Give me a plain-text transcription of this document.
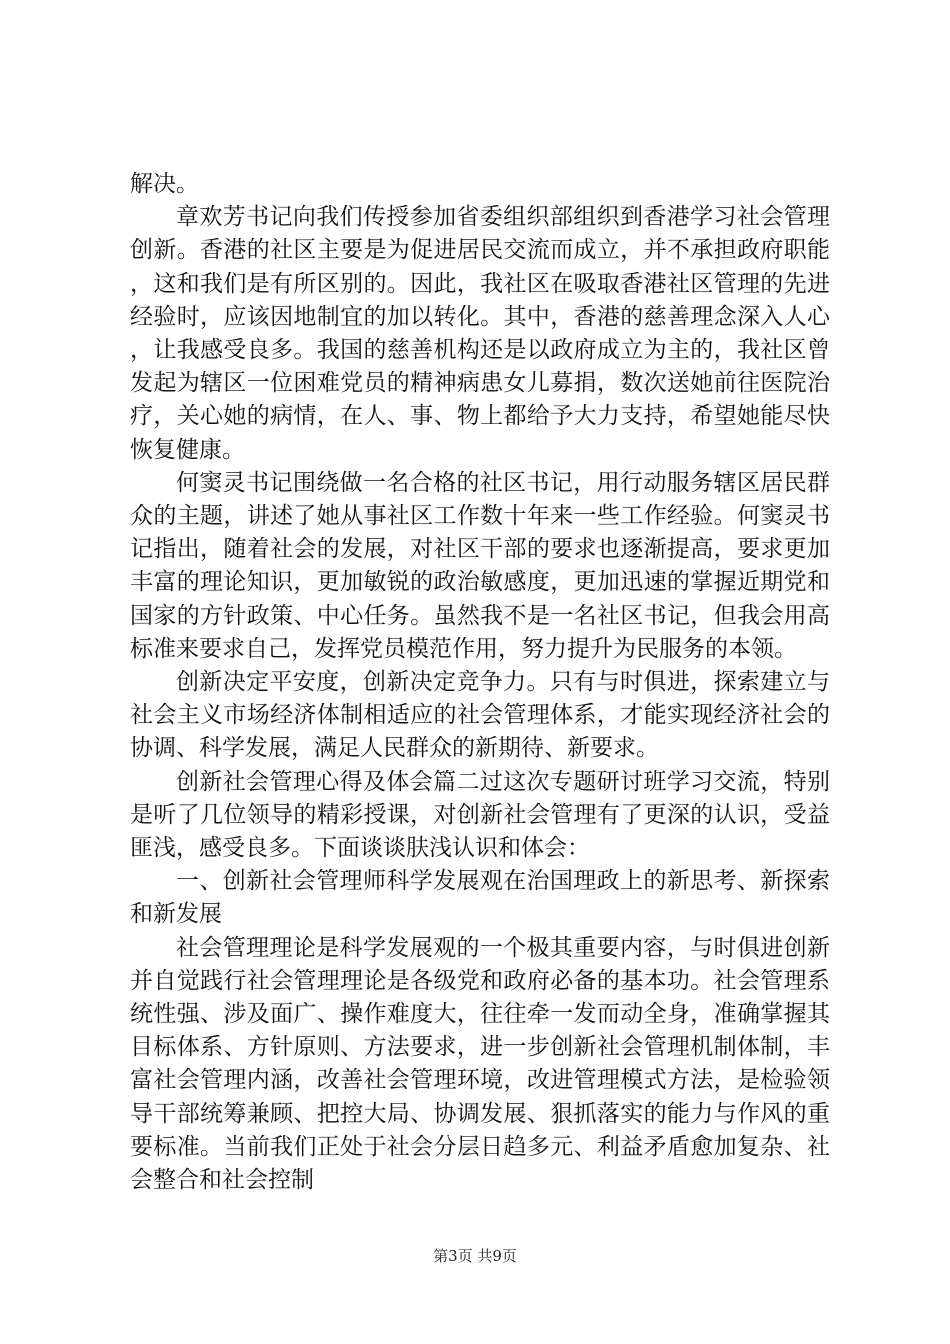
解决。

章欢芳书记向我们传授参加省委组织部组织到香港学习社会管理创新。香港的社区主要是为促进居民交流而成立，并不承担政府职能，这和我们是有所区别的。因此，我社区在吸取香港社区管理的先进经验时，应该因地制宜的加以转化。其中，香港的慈善理念深入人心，让我感受良多。我国的慈善机构还是以政府成立为主的，我社区曾发起为辖区一位困难党员的精神病患女儿募捐，数次送她前往医院治疗，关心她的病情，在人、事、物上都给予大力支持，希望她能尽快恢复健康。

何窦灵书记围绕做一名合格的社区书记，用行动服务辖区居民群众的主题，讲述了她从事社区工作数十年来一些工作经验。何窦灵书记指出，随着社会的发展，对社区干部的要求也逐渐提高，要求更加丰富的理论知识，更加敏锐的政治敏感度，更加迅速的掌握近期党和国家的方针政策、中心任务。虽然我不是一名社区书记，但我会用高标准来要求自己，发挥党员模范作用，努力提升为民服务的本领。

创新决定平安度，创新决定竞争力。只有与时俱进，探索建立与社会主义市场经济体制相适应的社会管理体系，才能实现经济社会的协调、科学发展，满足人民群众的新期待、新要求。

创新社会管理心得及体会篇二过这次专题研讨班学习交流，特别是听了几位领导的精彩授课，对创新社会管理有了更深的认识，受益匪浅，感受良多。下面谈谈肤浅认识和体会：

一、创新社会管理师科学发展观在治国理政上的新思考、新探索和新发展

社会管理理论是科学发展观的一个极其重要内容，与时俱进创新并自觉践行社会管理理论是各级党和政府必备的基本功。社会管理系统性强、涉及面广、操作难度大，往往牵一发而动全身，准确掌握其目标体系、方针原则、方法要求，进一步创新社会管理机制体制，丰富社会管理内涵，改善社会管理环境，改进管理模式方法，是检验领导干部统筹兼顾、把控大局、协调发展、狠抓落实的能力与作风的重要标准。当前我们正处于社会分层日趋多元、利益矛盾愈加复杂、社会整合和社会控制

第3页 共9页
